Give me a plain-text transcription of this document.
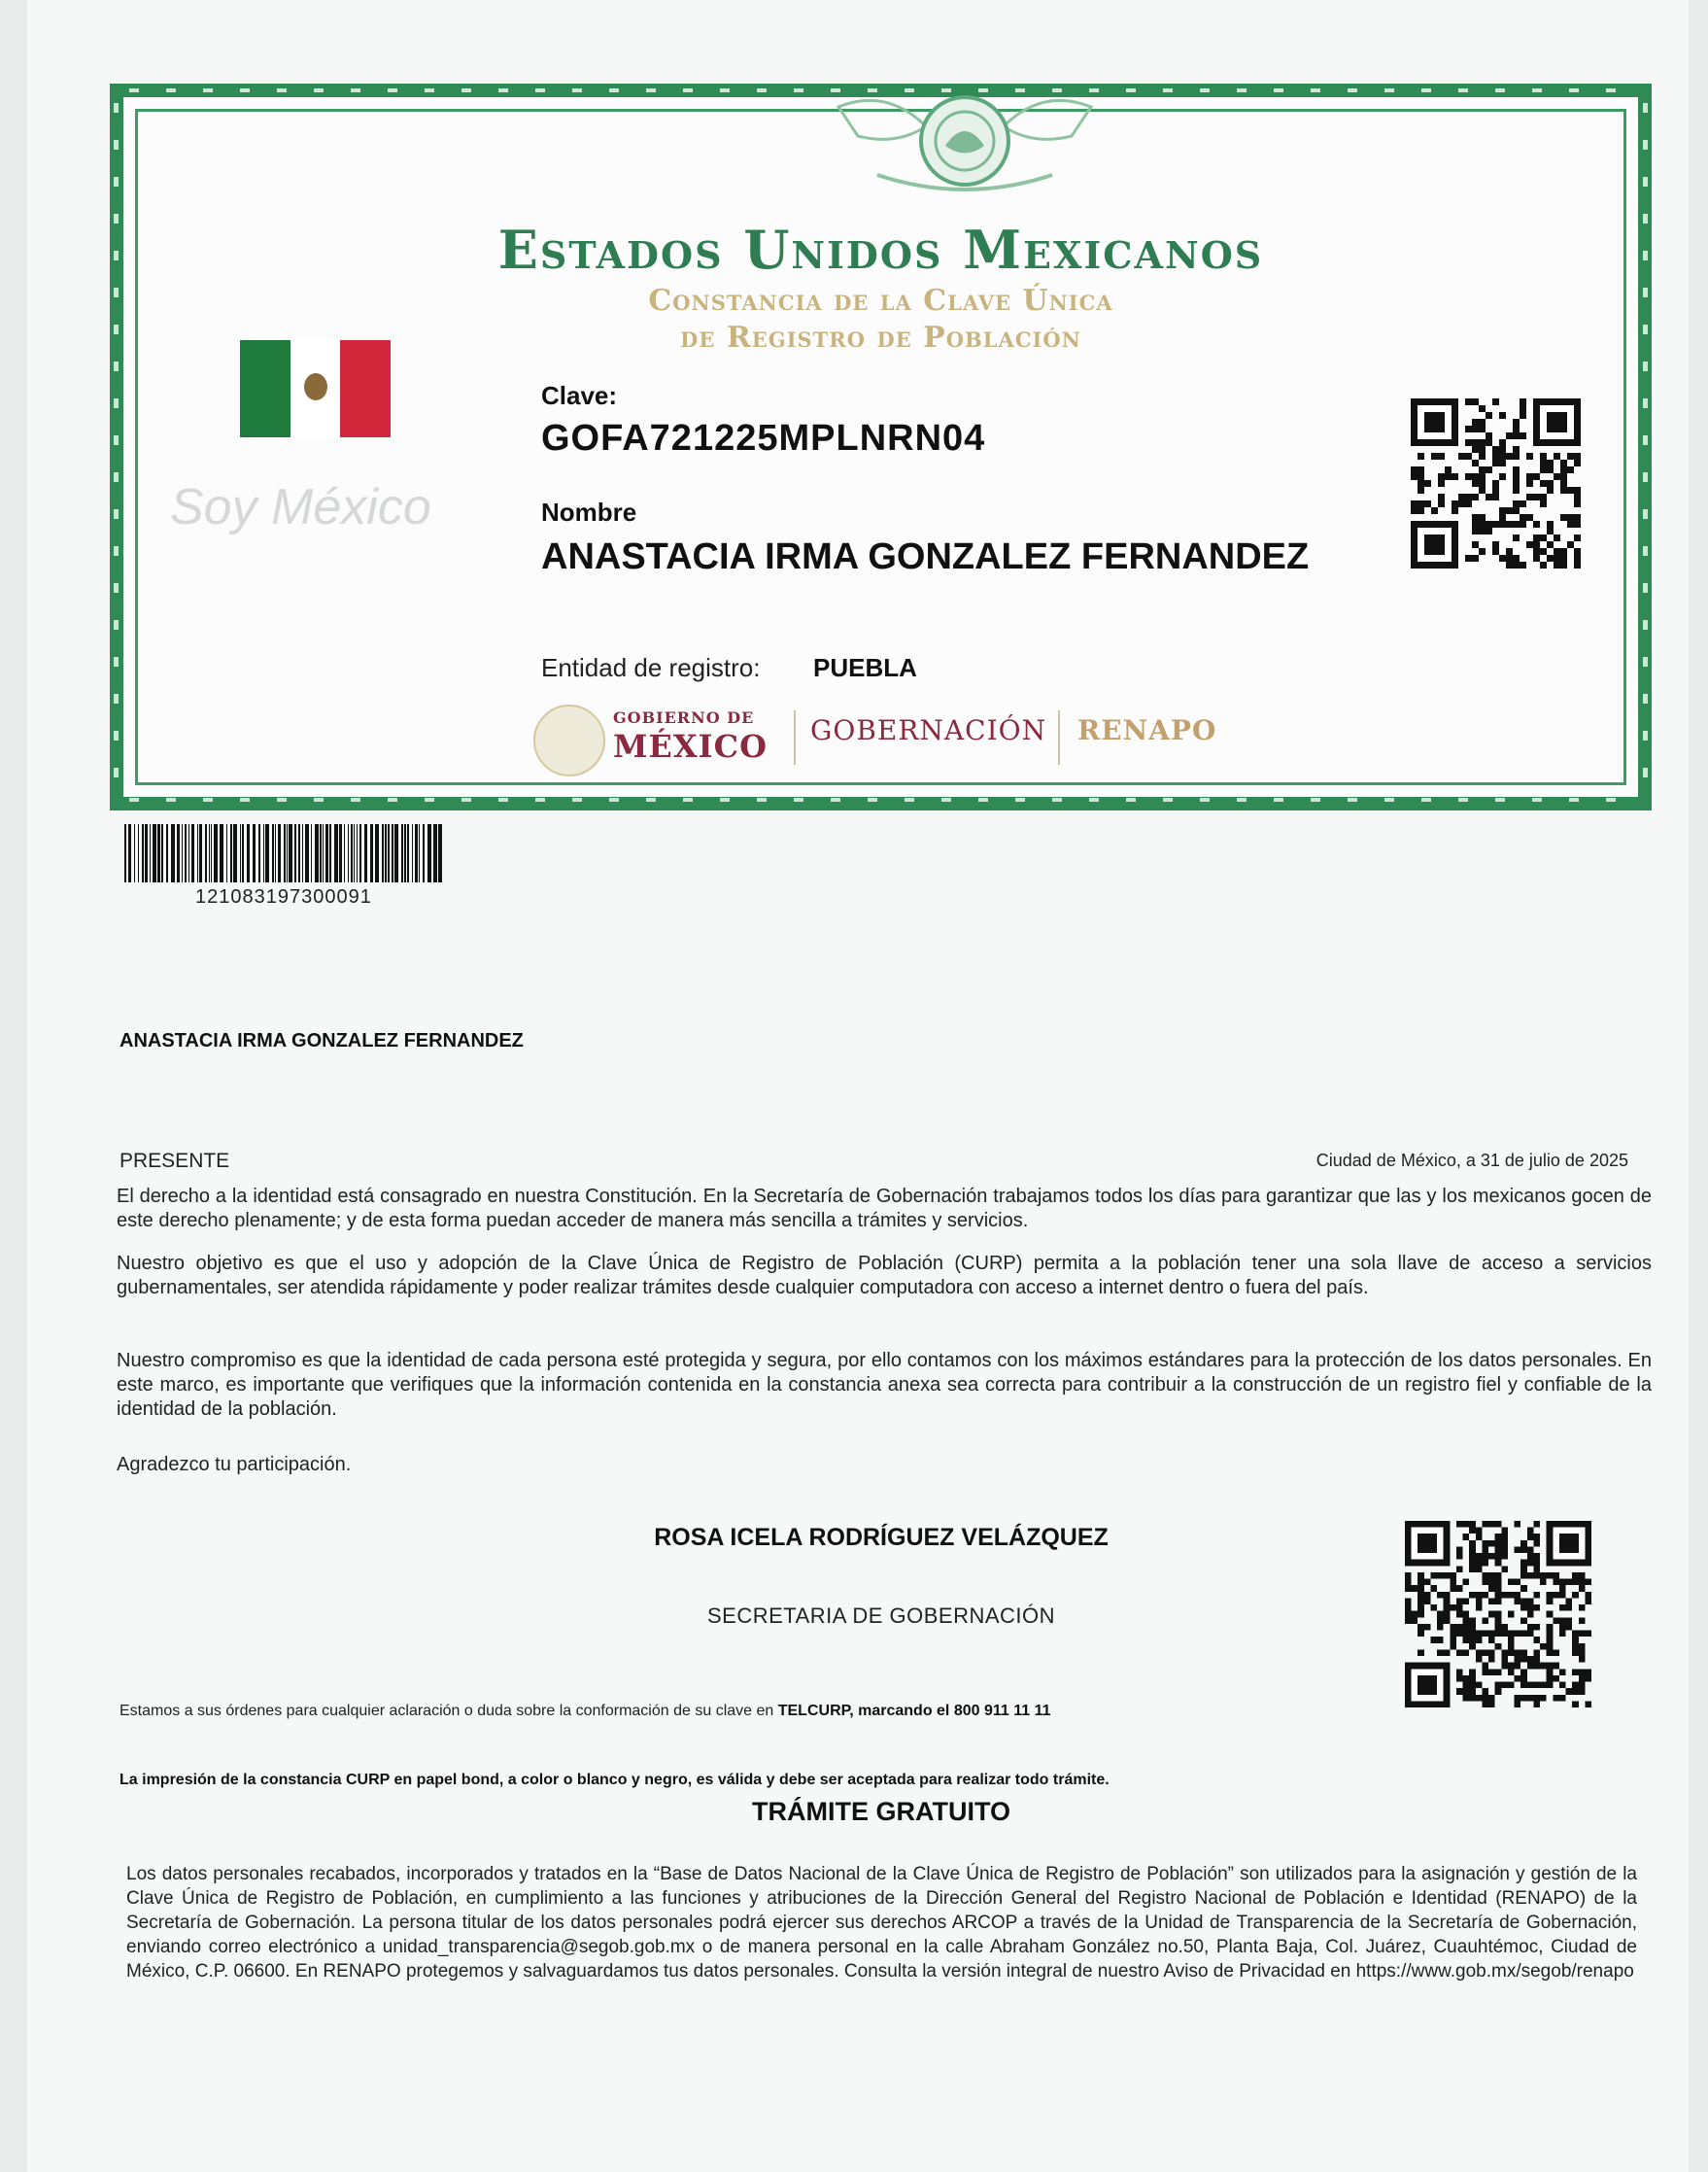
Estados Unidos Mexicanos
Constancia de la Clave Única
de Registro de Población
Soy México
Clave:
GOFA721225MPLNRN04
Nombre
ANASTACIA IRMA GONZALEZ FERNANDEZ
Entidad de registro: PUEBLA
GOBIERNO DE
MÉXICO GOBERNACIÓN RENAPO
121083197300091
ANASTACIA IRMA GONZALEZ FERNANDEZ
PRESENTE	Ciudad de México, a 31 de julio de 2025
El derecho a la identidad está consagrado en nuestra Constitución. En la Secretaría de Gobernación trabajamos todos los días para garantizar que las y los mexicanos gocen de este derecho plenamente; y de esta forma puedan acceder de manera más sencilla a trámites y servicios.
Nuestro objetivo es que el uso y adopción de la Clave Única de Registro de Población (CURP) permita a la población tener una sola llave de acceso a servicios gubernamentales, ser atendida rápidamente y poder realizar trámites desde cualquier computadora con acceso a internet dentro o fuera del país.
Nuestro compromiso es que la identidad de cada persona esté protegida y segura, por ello contamos con los máximos estándares para la protección de los datos personales. En este marco, es importante que verifiques que la información contenida en la constancia anexa sea correcta para contribuir a la construcción de un registro fiel y confiable de la identidad de la población.
Agradezco tu participación.
ROSA ICELA RODRÍGUEZ VELÁZQUEZ
SECRETARIA DE GOBERNACIÓN
Estamos a sus órdenes para cualquier aclaración o duda sobre la conformación de su clave en TELCURP, marcando el 800 911 11 11
La impresión de la constancia CURP en papel bond, a color o blanco y negro, es válida y debe ser aceptada para realizar todo trámite.
TRÁMITE GRATUITO
Los datos personales recabados, incorporados y tratados en la “Base de Datos Nacional de la Clave Única de Registro de Población” son utilizados para la asignación y gestión de la Clave Única de Registro de Población, en cumplimiento a las funciones y atribuciones de la Dirección General del Registro Nacional de Población e Identidad (RENAPO) de la Secretaría de Gobernación. La persona titular de los datos personales podrá ejercer sus derechos ARCOP a través de la Unidad de Transparencia de la Secretaría de Gobernación, enviando correo electrónico a unidad_transparencia@segob.gob.mx o de manera personal en la calle Abraham González no.50, Planta Baja, Col. Juárez, Cuauhtémoc, Ciudad de México, C.P. 06600. En RENAPO protegemos y salvaguardamos tus datos personales. Consulta la versión integral de nuestro Aviso de Privacidad en https://www.gob.mx/segob/renapo
